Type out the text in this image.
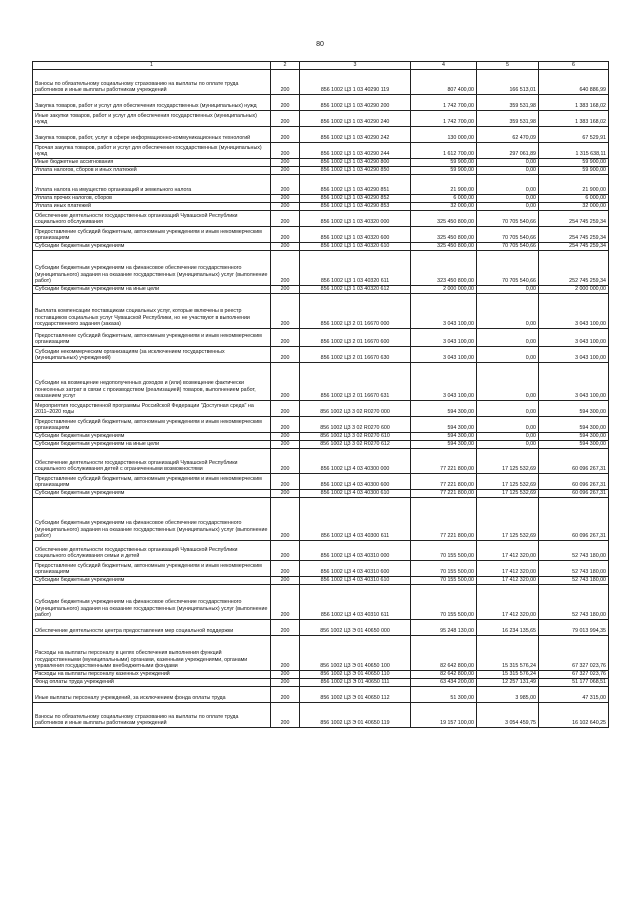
80
1	2	3	4	5	6
Взносы по обязательному социальному страхованию на выплаты по оплате труда работников и иные выплаты работникам учреждений	200	856 1002 Ц3 1 03 40290 119	807 400,00	166 513,01	640 886,99
Закупка товаров, работ и услуг для обеспечения государственных (муниципальных) нужд	200	856 1002 Ц3 1 03 40290 200	1 742 700,00	359 531,98	1 383 168,02
Иные закупки товаров, работ и услуг для обеспечения государственных (муниципальных) нужд	200	856 1002 Ц3 1 03 40290 240	1 742 700,00	359 531,98	1 383 168,02
Закупка товаров, работ, услуг в сфере информационно-коммуникационных технологий	200	856 1002 Ц3 1 03 40290 242	130 000,00	62 470,09	67 529,91
Прочая закупка товаров, работ и услуг для обеспечения государственных (муниципальных) нужд	200	856 1002 Ц3 1 03 40290 244	1 612 700,00	297 061,89	1 315 638,11
Иные бюджетные ассигнования	200	856 1002 Ц3 1 03 40290 800	59 900,00	0,00	59 900,00
Уплата налогов, сборов и иных платежей	200	856 1002 Ц3 1 03 40290 850	59 900,00	0,00	59 900,00
Уплата налога на имущество организаций и земельного налога	200	856 1002 Ц3 1 03 40290 851	21 900,00	0,00	21 900,00
Уплата прочих налогов, сборов	200	856 1002 Ц3 1 03 40290 852	6 000,00	0,00	6 000,00
Уплата иных платежей	200	856 1002 Ц3 1 03 40290 853	32 000,00	0,00	32 000,00
Обеспечение деятельности государственных организаций Чувашской Республики социального обслуживания	200	856 1002 Ц3 1 03 40320 000	325 450 800,00	70 705 540,66	254 745 259,34
Предоставление субсидий бюджетным, автономным учреждениям и иным некоммерческим организациям	200	856 1002 Ц3 1 03 40320 600	325 450 800,00	70 705 540,66	254 745 259,34
Субсидии бюджетным учреждениям	200	856 1002 Ц3 1 03 40320 610	325 450 800,00	70 705 540,66	254 745 259,34
Субсидии бюджетным учреждениям на финансовое обеспечение государственного (муниципального) задания на оказание государственных (муниципальных) услуг (выполнение работ)	200	856 1002 Ц3 1 03 40320 611	323 450 800,00	70 705 540,66	252 745 259,34
Субсидии бюджетным учреждениям на иные цели	200	856 1002 Ц3 1 03 40320 612	2 000 000,00	0,00	2 000 000,00
Выплата компенсации поставщикам социальных услуг, которые включены в реестр поставщиков социальных услуг Чувашской Республики, но не участвуют в выполнении государственного задания (заказа)	200	856 1002 Ц3 2 01 16670 000	3 043 100,00	0,00	3 043 100,00
Предоставление субсидий бюджетным, автономным учреждениям и иным некоммерческим организациям	200	856 1002 Ц3 2 01 16670 600	3 043 100,00	0,00	3 043 100,00
Субсидии некоммерческим организациям (за исключением государственных (муниципальных) учреждений)	200	856 1002 Ц3 2 01 16670 630	3 043 100,00	0,00	3 043 100,00
Субсидии на возмещение недополученных доходов и (или) возмещение фактически понесенных затрат в связи с производством (реализацией) товаров, выполнением работ, оказанием услуг	200	856 1002 Ц3 2 01 16670 631	3 043 100,00	0,00	3 043 100,00
Мероприятия государственной программы Российской Федерации "Доступная среда" на 2011–2020 годы	200	856 1002 Ц3 3 02 R0270 000	594 300,00	0,00	594 300,00
Предоставление субсидий бюджетным, автономным учреждениям и иным некоммерческим организациям	200	856 1002 Ц3 3 02 R0270 600	594 300,00	0,00	594 300,00
Субсидии бюджетным учреждениям	200	856 1002 Ц3 3 02 R0270 610	594 300,00	0,00	594 300,00
Субсидии бюджетным учреждениям на иные цели	200	856 1002 Ц3 3 02 R0270 612	594 300,00	0,00	594 300,00
Обеспечение деятельности государственных организаций Чувашской Республики социального обслуживания детей с ограниченными возможностями	200	856 1002 Ц3 4 03 40300 000	77 221 800,00	17 125 532,69	60 096 267,31
Предоставление субсидий бюджетным, автономным учреждениям и иным некоммерческим организациям	200	856 1002 Ц3 4 03 40300 600	77 221 800,00	17 125 532,69	60 096 267,31
Субсидии бюджетным учреждениям	200	856 1002 Ц3 4 03 40300 610	77 221 800,00	17 125 532,69	60 096 267,31
Субсидии бюджетным учреждениям на финансовое обеспечение государственного (муниципального) задания на оказание государственных (муниципальных) услуг (выполнение работ)	200	856 1002 Ц3 4 03 40300 611	77 221 800,00	17 125 532,69	60 096 267,31
Обеспечение деятельности государственных организаций Чувашской Республики социального обслуживания семьи и детей	200	856 1002 Ц3 4 03 40310 000	70 155 500,00	17 412 320,00	52 743 180,00
Предоставление субсидий бюджетным, автономным учреждениям и иным некоммерческим организациям	200	856 1002 Ц3 4 03 40310 600	70 155 500,00	17 412 320,00	52 743 180,00
Субсидии бюджетным учреждениям	200	856 1002 Ц3 4 03 40310 610	70 155 500,00	17 412 320,00	52 743 180,00
Субсидии бюджетным учреждениям на финансовое обеспечение государственного (муниципального) задания на оказание государственных (муниципальных) услуг (выполнение работ)	200	856 1002 Ц3 4 03 40310 611	70 155 500,00	17 412 320,00	52 743 180,00
Обеспечение деятельности центра предоставления мер социальной поддержки	200	856 1002 Ц3 Э 01 40650 000	95 248 130,00	16 234 135,65	79 013 994,35
Расходы на выплаты персоналу в целях обеспечения выполнения функций государственными (муниципальными) органами, казенными учреждениями, органами управления государственными внебюджетными фондами	200	856 1002 Ц3 Э 01 40650 100	82 642 800,00	15 315 576,24	67 327 023,76
Расходы на выплаты персоналу казенных учреждений	200	856 1002 Ц3 Э 01 40650 110	82 642 800,00	15 315 576,24	67 327 023,76
Фонд оплаты труда учреждений	200	856 1002 Ц3 Э 01 40650 111	63 434 200,00	12 257 131,49	51 177 068,51
Иные выплаты персоналу учреждений, за исключением фонда оплаты труда	200	856 1002 Ц3 Э 01 40650 112	51 300,00	3 985,00	47 315,00
Взносы по обязательному социальному страхованию на выплаты по оплате труда работников и иные выплаты работникам учреждений	200	856 1002 Ц3 Э 01 40650 119	19 157 100,00	3 054 459,75	16 102 640,25
